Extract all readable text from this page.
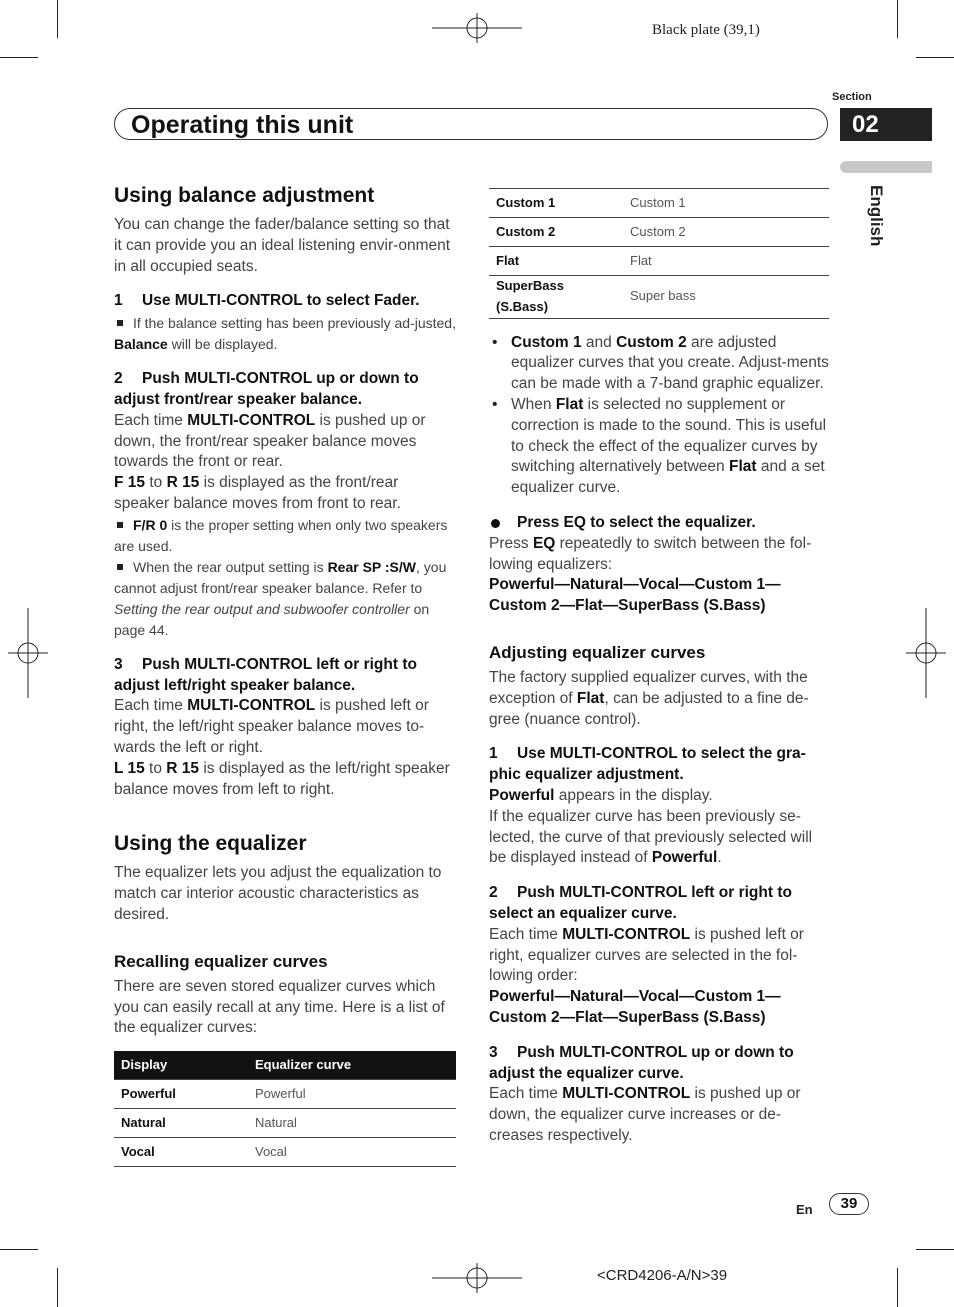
Black plate (39,1)
Operating this unit
Section
02
English
Using balance adjustment

You can change the fader/balance setting so that it can provide you an ideal listening envir-onment in all occupied seats.

1 Use MULTI-CONTROL to select Fader.

If the balance setting has been previously ad-justed, Balance will be displayed.

2 Push MULTI-CONTROL up or down to adjust front/rear speaker balance.

Each time MULTI-CONTROL is pushed up or down, the front/rear speaker balance moves towards the front or rear.

F 15 to R 15 is displayed as the front/rear speaker balance moves from front to rear.

F/R 0 is the proper setting when only two speakers are used.

When the rear output setting is Rear SP :S/W, you cannot adjust front/rear speaker balance. Refer to Setting the rear output and subwoofer controller on page 44.

3 Push MULTI-CONTROL left or right to adjust left/right speaker balance.

Each time MULTI-CONTROL is pushed left or right, the left/right speaker balance moves to-wards the left or right.

L 15 to R 15 is displayed as the left/right speaker balance moves from left to right.

Using the equalizer

The equalizer lets you adjust the equalization to match car interior acoustic characteristics as desired.

Recalling equalizer curves

There are seven stored equalizer curves which you can easily recall at any time. Here is a list of the equalizer curves:

Display	Equalizer curve
Powerful	Powerful
Natural	Natural
Vocal	Vocal
Custom 1	Custom 1
Custom 2	Custom 2
Flat	Flat
SuperBass (S.Bass)	Super bass

• Custom 1 and Custom 2 are adjusted equalizer curves that you create. Adjust-ments can be made with a 7-band graphic equalizer.

• When Flat is selected no supplement or correction is made to the sound. This is useful to check the effect of the equalizer curves by switching alternatively between Flat and a set equalizer curve.

Press EQ to select the equalizer.

Press EQ repeatedly to switch between the fol-lowing equalizers:

Powerful—Natural—Vocal—Custom 1—Custom 2—Flat—SuperBass (S.Bass)

Adjusting equalizer curves

The factory supplied equalizer curves, with the exception of Flat, can be adjusted to a fine de-gree (nuance control).

1 Use MULTI-CONTROL to select the gra-phic equalizer adjustment.

Powerful appears in the display.

If the equalizer curve has been previously se-lected, the curve of that previously selected will be displayed instead of Powerful.

2 Push MULTI-CONTROL left or right to select an equalizer curve.

Each time MULTI-CONTROL is pushed left or right, equalizer curves are selected in the fol-lowing order:

Powerful—Natural—Vocal—Custom 1—Custom 2—Flat—SuperBass (S.Bass)

3 Push MULTI-CONTROL up or down to adjust the equalizer curve.

Each time MULTI-CONTROL is pushed up or down, the equalizer curve increases or de-creases respectively.

En	39
<CRD4206-A/N>39
